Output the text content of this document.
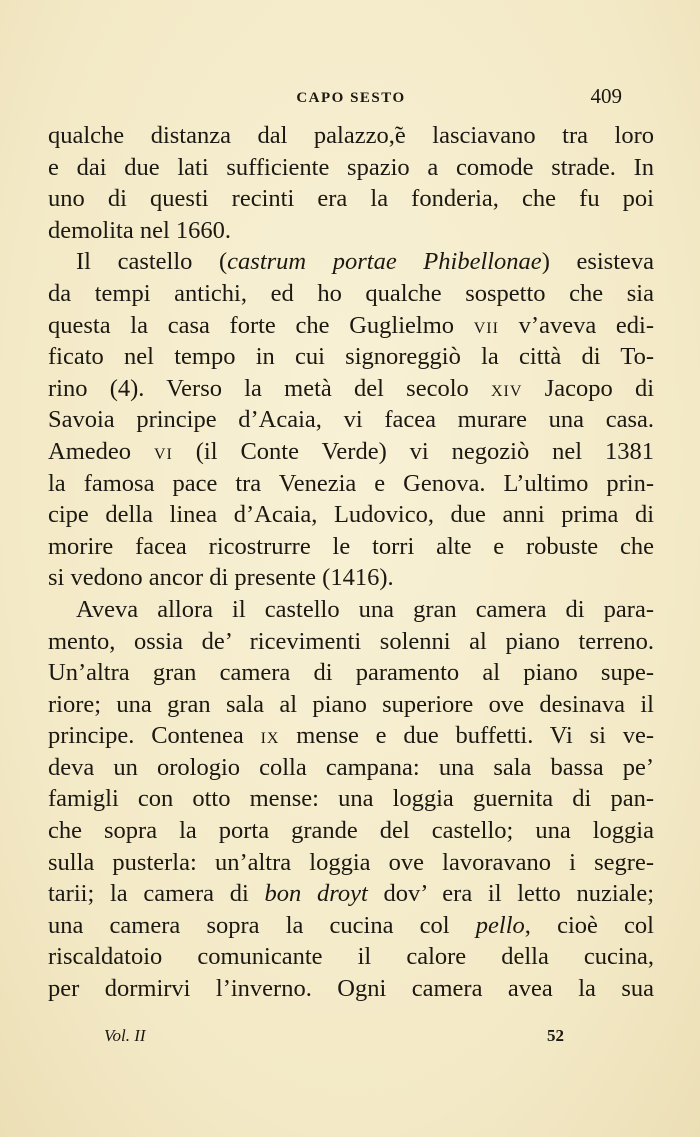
CAPO SESTO	409
qualche distanza dal palazzo,e lasciavano tra loro
e dai due lati sufficiente spazio a comode strade. In
uno di questi recinti era la fonderia, che fu poi
demolita nel 1660.
Il castello (castrum portae Phibellonae) esisteva
da tempi antichi, ed ho qualche sospetto che sia
questa la casa forte che Guglielmo VII v’aveva edi-
ficato nel tempo in cui signoreggiò la città di To-
rino (4). Verso la metà del secolo XIV Jacopo di
Savoia principe d’Acaia, vi facea murare una casa.
Amedeo VI (il Conte Verde) vi negoziò nel 1381
la famosa pace tra Venezia e Genova. L’ultimo prin-
cipe della linea d’Acaia, Ludovico, due anni prima di
morire facea ricostrurre le torri alte e robuste che
si vedono ancor di presente (1416).
Aveva allora il castello una gran camera di para-
mento, ossia de’ ricevimenti solenni al piano terreno.
Un’altra gran camera di paramento al piano supe-
riore; una gran sala al piano superiore ove desinava il
principe. Contenea IX mense e due buffetti. Vi si ve-
deva un orologio colla campana: una sala bassa pe’
famigli con otto mense: una loggia guernita di pan-
che sopra la porta grande del castello; una loggia
sulla pusterla: un’altra loggia ove lavoravano i segre-
tarii; la camera di bon droyt dov’ era il letto nuziale;
una camera sopra la cucina col pello, cioè col
riscaldatoio comunicante il calore della cucina,
per dormirvi l’inverno. Ogni camera avea la sua
Vol. II	52
